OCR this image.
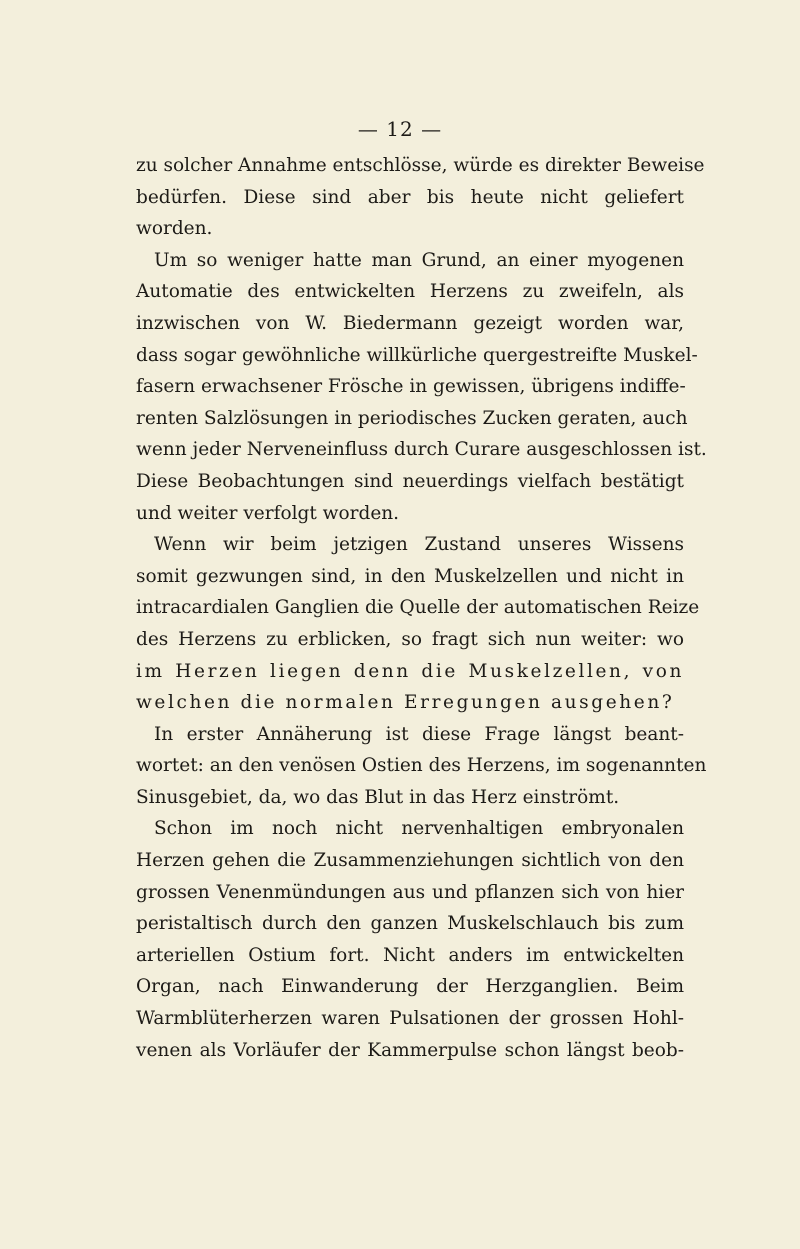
— 12 —
zu solcher Annahme entschlösse, würde es direkter Beweise
bedürfen. Diese sind aber bis heute nicht geliefert
worden.
Um so weniger hatte man Grund, an einer myogenen
Automatie des entwickelten Herzens zu zweifeln, als
inzwischen von W. Biedermann gezeigt worden war,
dass sogar gewöhnliche willkürliche quergestreifte Muskel-
fasern erwachsener Frösche in gewissen, übrigens indiffe-
renten Salzlösungen in periodisches Zucken geraten, auch
wenn jeder Nerveneinfluss durch Curare ausgeschlossen ist.
Diese Beobachtungen sind neuerdings vielfach bestätigt
und weiter verfolgt worden.
Wenn wir beim jetzigen Zustand unseres Wissens
somit gezwungen sind, in den Muskelzellen und nicht in
intracardialen Ganglien die Quelle der automatischen Reize
des Herzens zu erblicken, so fragt sich nun weiter: wo
im Herzen liegen denn die Muskelzellen, von
welchen die normalen Erregungen ausgehen?
In erster Annäherung ist diese Frage längst beant-
wortet: an den venösen Ostien des Herzens, im sogenannten
Sinusgebiet, da, wo das Blut in das Herz einströmt.
Schon im noch nicht nervenhaltigen embryonalen
Herzen gehen die Zusammenziehungen sichtlich von den
grossen Venenmündungen aus und pflanzen sich von hier
peristaltisch durch den ganzen Muskelschlauch bis zum
arteriellen Ostium fort. Nicht anders im entwickelten
Organ, nach Einwanderung der Herzganglien. Beim
Warmblüterherzen waren Pulsationen der grossen Hohl-
venen als Vorläufer der Kammerpulse schon längst beob-
